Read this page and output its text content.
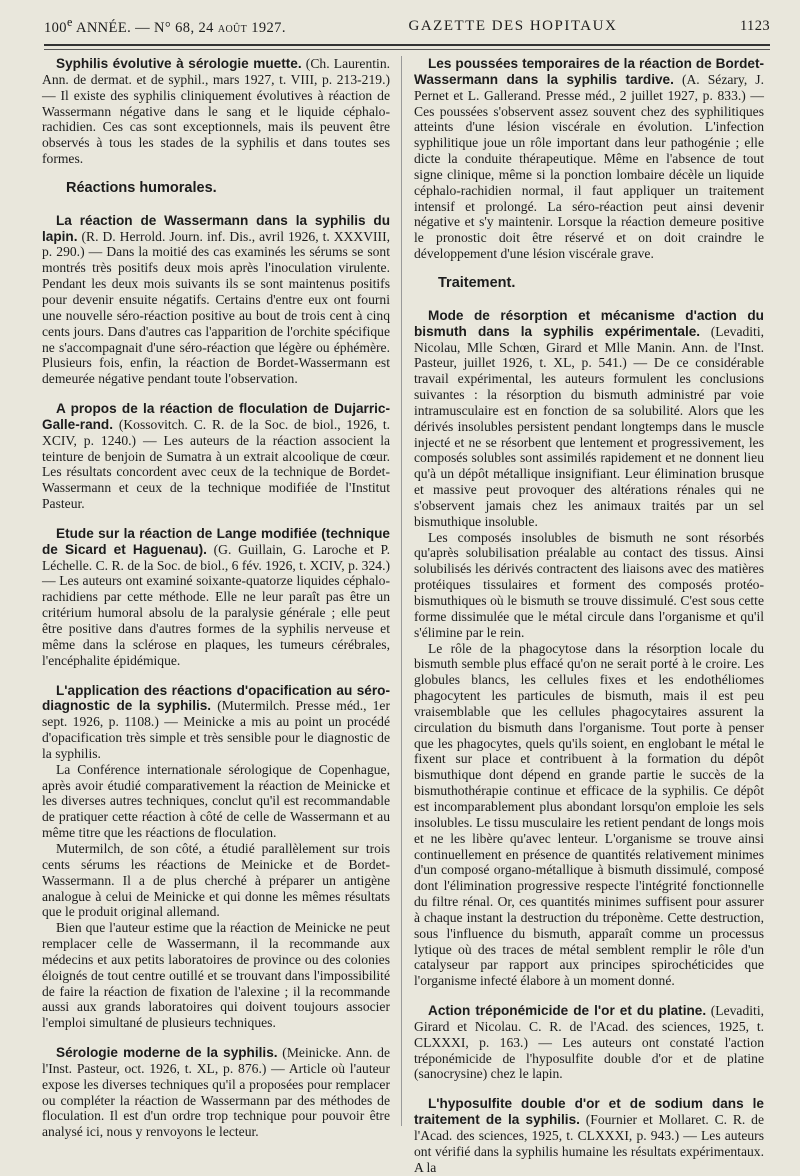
100e ANNÉE. — N° 68, 24 août 1927.	GAZETTE DES HOPITAUX	1123

Syphilis évolutive à sérologie muette. (Ch. Laurentin. Ann. de dermat. et de syphil., mars 1927, t. VIII, p. 213-219.) — Il existe des syphilis cliniquement évolutives à réaction de Wassermann négative dans le sang et le liquide céphalo-rachidien. Ces cas sont exceptionnels, mais ils peuvent être observés à tous les stades de la syphilis et dans toutes ses formes.

Réactions humorales.

La réaction de Wassermann dans la syphilis du lapin. (R. D. Herrold. Journ. inf. Dis., avril 1926, t. XXXVIII, p. 290.) — Dans la moitié des cas examinés les sérums se sont montrés très positifs deux mois après l'inoculation virulente. Pendant les deux mois suivants ils se sont maintenus positifs pour devenir ensuite négatifs. Certains d'entre eux ont fourni une nouvelle séro-réaction positive au bout de trois cent à cinq cents jours. Dans d'autres cas l'apparition de l'orchite spécifique ne s'accompagnait d'une séro-réaction que légère ou éphémère. Plusieurs fois, enfin, la réaction de Bordet-Wassermann est demeurée négative pendant toute l'observation.

A propos de la réaction de floculation de Dujarric-Galle-rand. (Kossovitch. C. R. de la Soc. de biol., 1926, t. XCIV, p. 1240.) — Les auteurs de la réaction associent la teinture de benjoin de Sumatra à un extrait alcoolique de cœur. Les résultats concordent avec ceux de la technique de Bordet-Wassermann et ceux de la technique modifiée de l'Institut Pasteur.

Etude sur la réaction de Lange modifiée (technique de Sicard et Haguenau). (G. Guillain, G. Laroche et P. Léchelle. C. R. de la Soc. de biol., 6 fév. 1926, t. XCIV, p. 324.) — Les auteurs ont examiné soixante-quatorze liquides céphalo-rachidiens par cette méthode. Elle ne leur paraît pas être un critérium humoral absolu de la paralysie générale ; elle peut être positive dans d'autres formes de la syphilis nerveuse et même dans la sclérose en plaques, les tumeurs cérébrales, l'encéphalite épidémique.

L'application des réactions d'opacification au séro-diagnostic de la syphilis. (Mutermilch. Presse méd., 1er sept. 1926, p. 1108.) — Meinicke a mis au point un procédé d'opacification très simple et très sensible pour le diagnostic de la syphilis.

La Conférence internationale sérologique de Copenhague, après avoir étudié comparativement la réaction de Meinicke et les diverses autres techniques, conclut qu'il est recommandable de pratiquer cette réaction à côté de celle de Wassermann et au même titre que les réactions de floculation.

Mutermilch, de son côté, a étudié parallèlement sur trois cents sérums les réactions de Meinicke et de Bordet-Wassermann. Il a de plus cherché à préparer un antigène analogue à celui de Meinicke et qui donne les mêmes résultats que le produit original allemand.

Bien que l'auteur estime que la réaction de Meinicke ne peut remplacer celle de Wassermann, il la recommande aux médecins et aux petits laboratoires de province ou des colonies éloignés de tout centre outillé et se trouvant dans l'impossibilité de faire la réaction de fixation de l'alexine ; il la recommande aussi aux grands laboratoires qui doivent toujours associer l'emploi simultané de plusieurs techniques.

Sérologie moderne de la syphilis. (Meinicke. Ann. de l'Inst. Pasteur, oct. 1926, t. XL, p. 876.) — Article où l'auteur expose les diverses techniques qu'il a proposées pour remplacer ou compléter la réaction de Wassermann par des méthodes de floculation. Il est d'un ordre trop technique pour pouvoir être analysé ici, nous y renvoyons le lecteur.

Les poussées temporaires de la réaction de Bordet-Wassermann dans la syphilis tardive. (A. Sézary, J. Pernet et L. Gallerand. Presse méd., 2 juillet 1927, p. 833.) — Ces poussées s'observent assez souvent chez des syphilitiques atteints d'une lésion viscérale en évolution. L'infection syphilitique joue un rôle important dans leur pathogénie ; elle dicte la conduite thérapeutique. Même en l'absence de tout signe clinique, même si la ponction lombaire décèle un liquide céphalo-rachidien normal, il faut appliquer un traitement intensif et prolongé. La séro-réaction peut ainsi devenir négative et s'y maintenir. Lorsque la réaction demeure positive le pronostic doit être réservé et on doit craindre le développement d'une lésion viscérale grave.

Traitement.

Mode de résorption et mécanisme d'action du bismuth dans la syphilis expérimentale. (Levaditi, Nicolau, Mlle Schœn, Girard et Mlle Manin. Ann. de l'Inst. Pasteur, juillet 1926, t. XL, p. 541.) — De ce considérable travail expérimental, les auteurs formulent les conclusions suivantes : la résorption du bismuth administré par voie intramusculaire est en fonction de sa solubilité. Alors que les dérivés insolubles persistent pendant longtemps dans le muscle injecté et ne se résorbent que lentement et progressivement, les composés solubles sont assimilés rapidement et ne donnent lieu qu'à un dépôt métallique insignifiant. Leur élimination brusque et massive peut provoquer des altérations rénales qui ne s'observent jamais chez les animaux traités par un sel bismuthique insoluble.

Les composés insolubles de bismuth ne sont résorbés qu'après solubilisation préalable au contact des tissus. Ainsi solubilisés les dérivés contractent des liaisons avec des matières protéiques tissulaires et forment des composés protéo-bismuthiques où le bismuth se trouve dissimulé. C'est sous cette forme dissimulée que le métal circule dans l'organisme et qu'il s'élimine par le rein.

Le rôle de la phagocytose dans la résorption locale du bismuth semble plus effacé qu'on ne serait porté à le croire. Les globules blancs, les cellules fixes et les endothéliomes phagocytent les particules de bismuth, mais il est peu vraisemblable que les cellules phagocytaires assurent la circulation du bismuth dans l'organisme. Tout porte à penser que les phagocytes, quels qu'ils soient, en englobant le métal le fixent sur place et contribuent à la formation du dépôt bismuthique dont dépend en grande partie le succès de la bismuthothérapie continue et efficace de la syphilis. Ce dépôt est incomparablement plus abondant lorsqu'on emploie les sels insolubles. Le tissu musculaire les retient pendant de longs mois et ne les libère qu'avec lenteur. L'organisme se trouve ainsi continuellement en présence de quantités relativement minimes d'un composé organo-métallique à bismuth dissimulé, composé dont l'élimination progressive respecte l'intégrité fonctionnelle du filtre rénal. Or, ces quantités minimes suffisent pour assurer à chaque instant la destruction du tréponème. Cette destruction, sous l'influence du bismuth, apparaît comme un processus lytique où des traces de métal semblent remplir le rôle d'un catalyseur par rapport aux principes spirochéticides que l'organisme infecté élabore à un moment donné.

Action tréponémicide de l'or et du platine. (Levaditi, Girard et Nicolau. C. R. de l'Acad. des sciences, 1925, t. CLXXXI, p. 163.) — Les auteurs ont constaté l'action tréponémicide de l'hyposulfite double d'or et de platine (sanocrysine) chez le lapin.

L'hyposulfite double d'or et de sodium dans le traitement de la syphilis. (Fournier et Mollaret. C. R. de l'Acad. des sciences, 1925, t. CLXXXI, p. 943.) — Les auteurs ont vérifié dans la syphilis humaine les résultats expérimentaux. A la
